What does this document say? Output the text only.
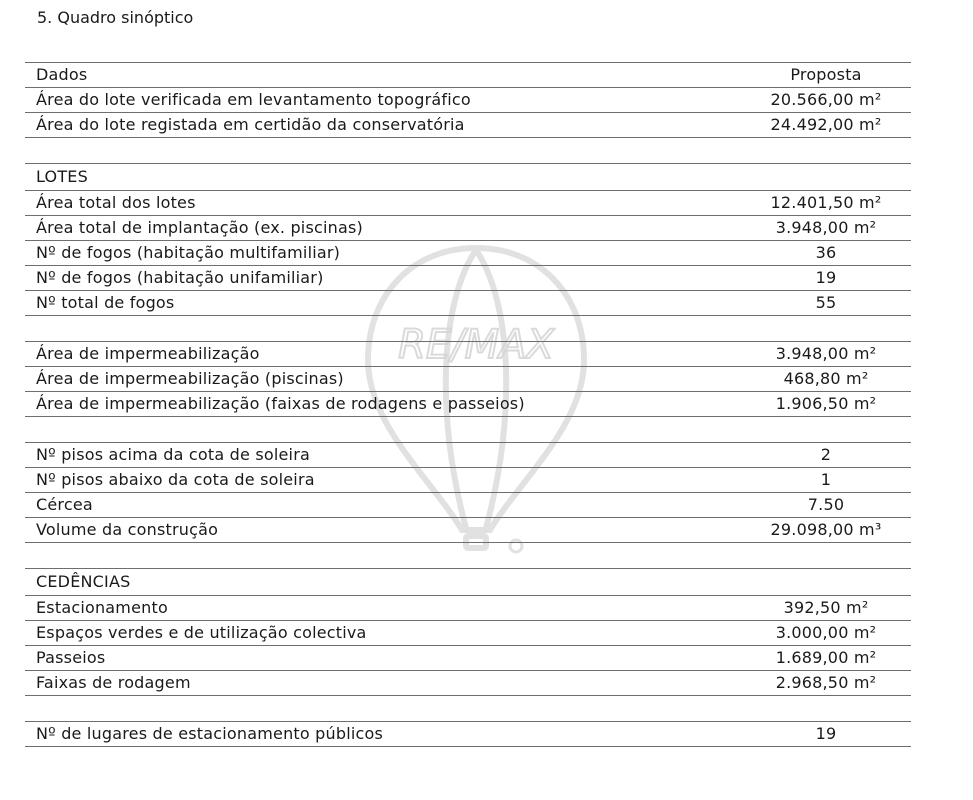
5. Quadro sinóptico
RE/MAX
Dados	Proposta
Área do lote verificada em levantamento topográfico	20.566,00 m²
Área do lote registada em certidão da conservatória	24.492,00 m²

LOTES	
Área total dos lotes	12.401,50 m²
Área total de implantação (ex. piscinas)	3.948,00 m²
Nº de fogos (habitação multifamiliar)	36
Nº de fogos (habitação unifamiliar)	19
Nº total de fogos	55

Área de impermeabilização	3.948,00 m²
Área de impermeabilização (piscinas)	468,80 m²
Área de impermeabilização (faixas de rodagens e passeios)	1.906,50 m²

Nº pisos acima da cota de soleira	2
Nº pisos abaixo da cota de soleira	1
Cércea	7.50
Volume da construção	29.098,00 m³

CEDÊNCIAS	
Estacionamento	392,50 m²
Espaços verdes e de utilização colectiva	3.000,00 m²
Passeios	1.689,00 m²
Faixas de rodagem	2.968,50 m²

Nº de lugares de estacionamento públicos	19
